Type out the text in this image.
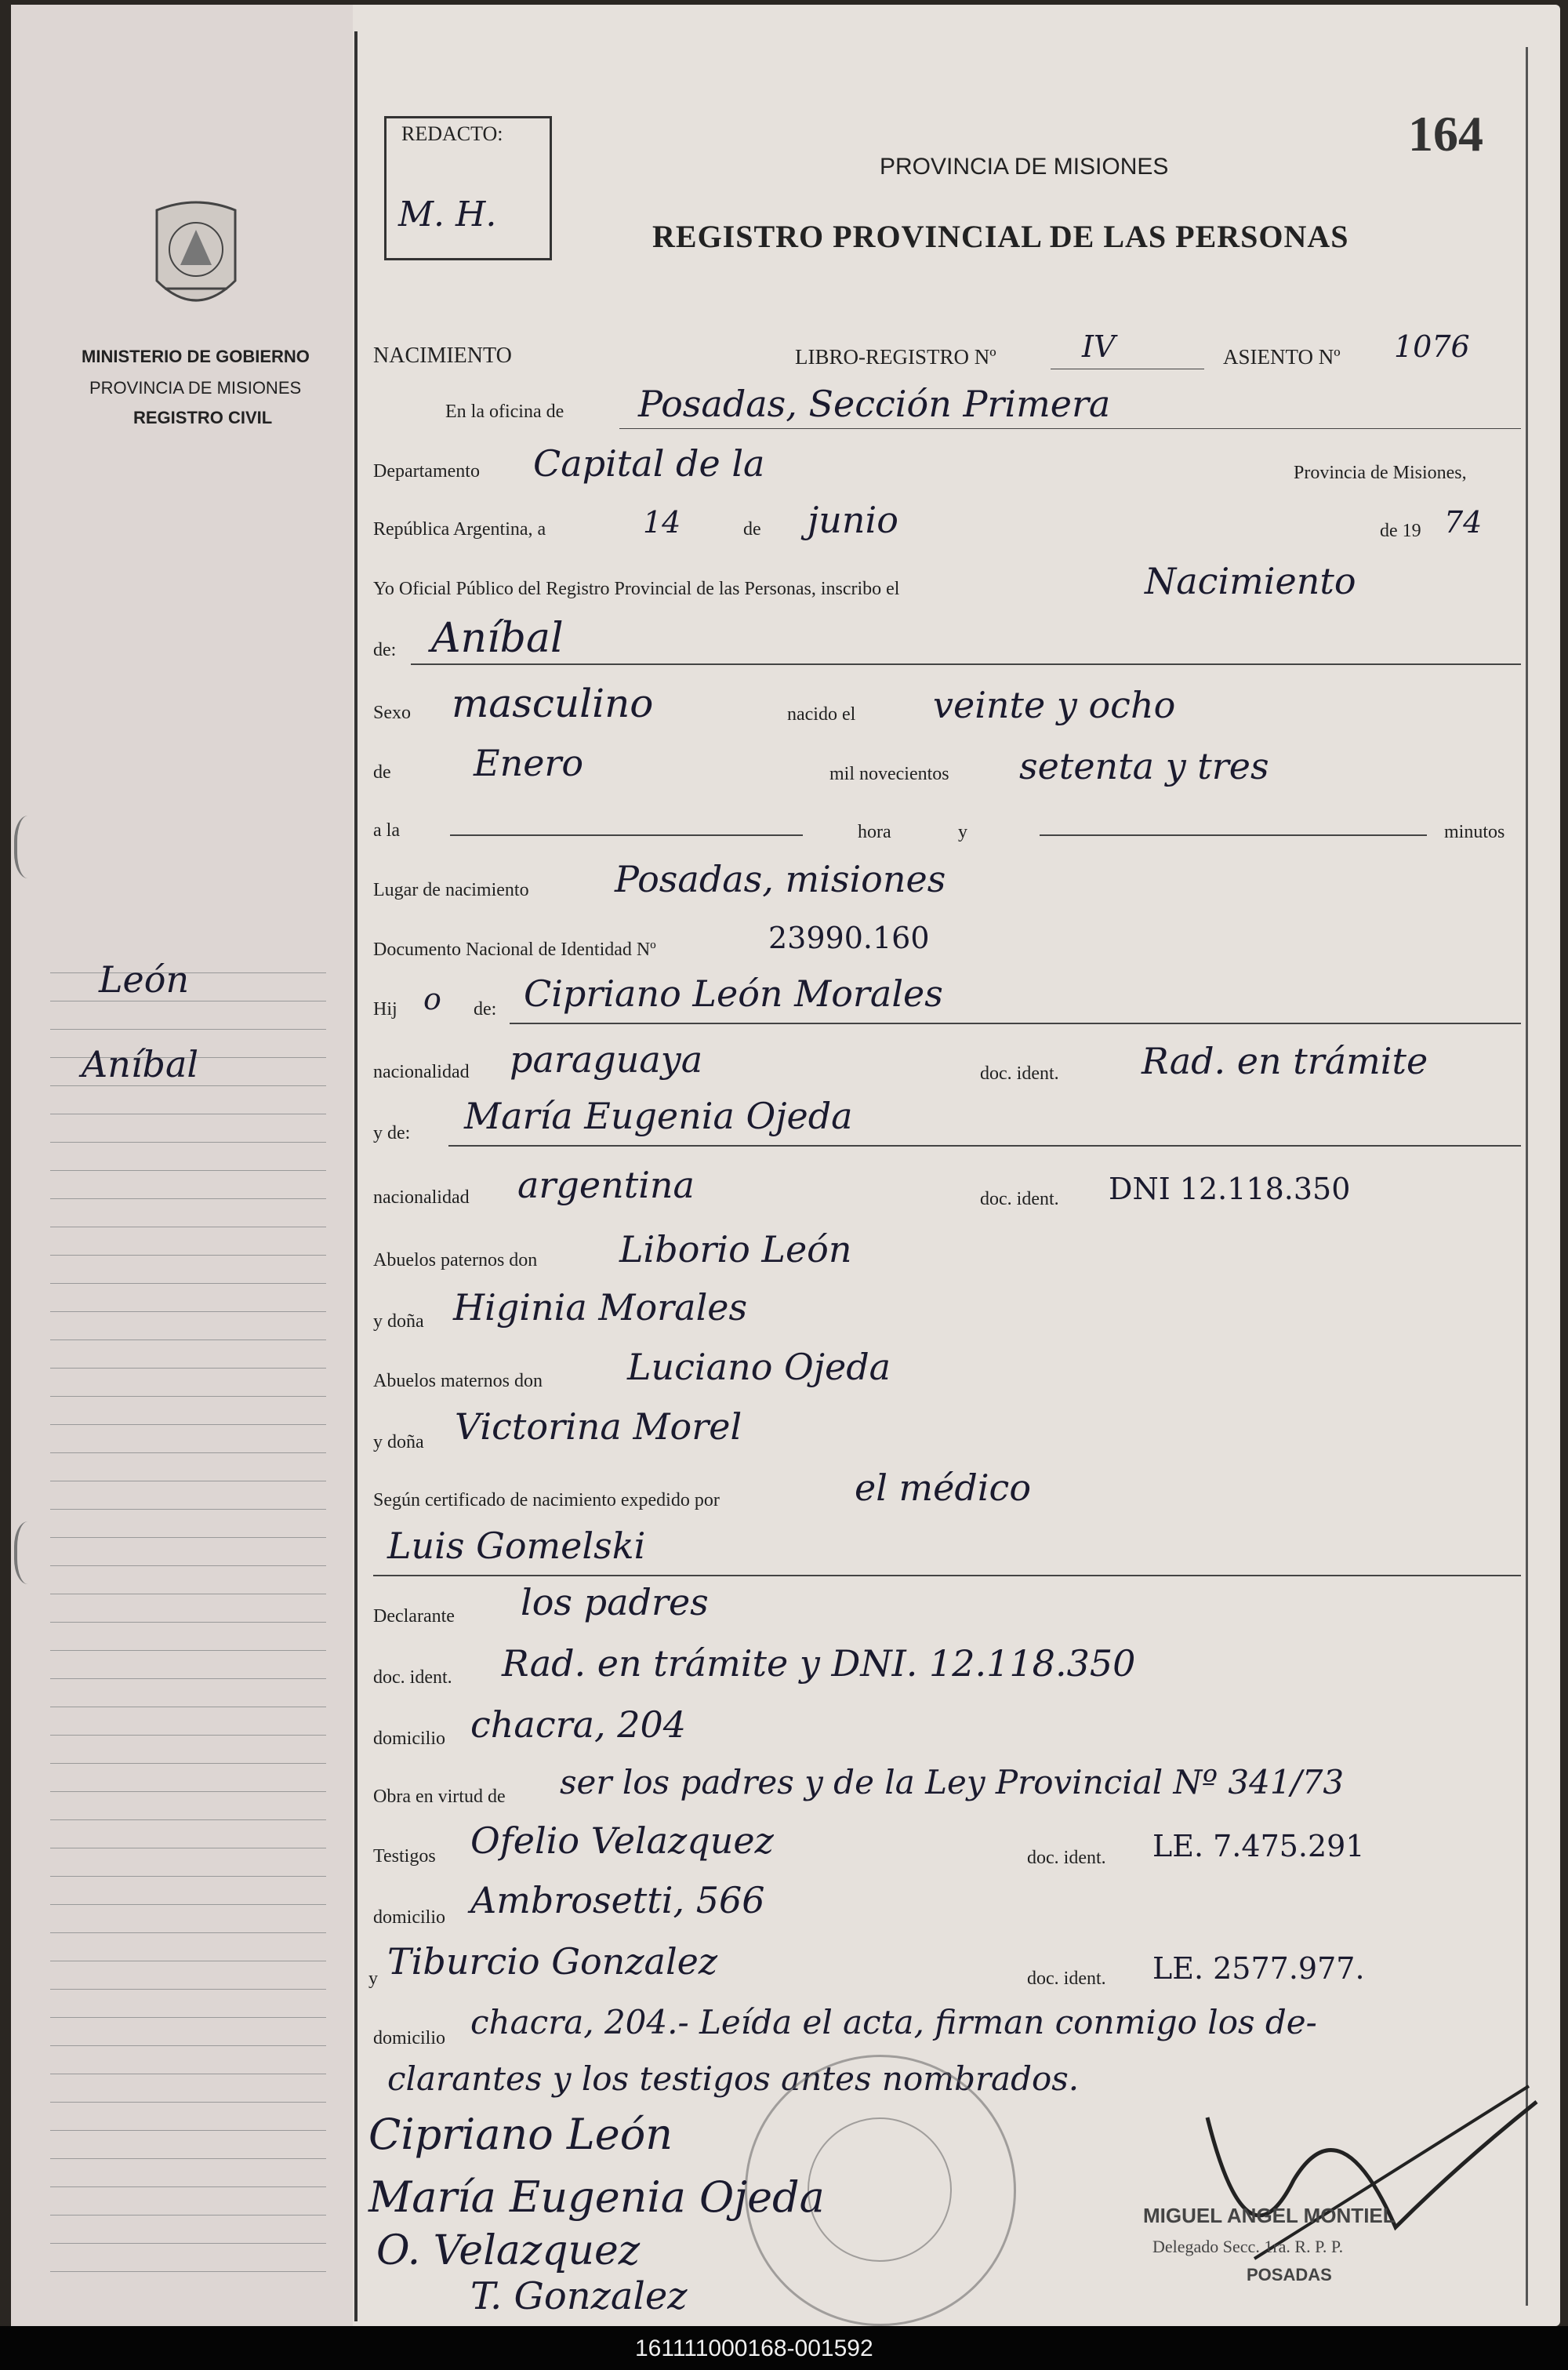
MINISTERIO DE GOBIERNO
PROVINCIA DE MISIONES
REGISTRO CIVIL
León
Aníbal
REDACTO:
M. H.
164
PROVINCIA DE MISIONES
REGISTRO PROVINCIAL DE LAS PERSONAS
NACIMIENTO	LIBRO-REGISTRO Nº	IV	ASIENTO Nº 1076
En la oficina de Posadas, Sección Primera
Departamento Capital de la	Provincia de Misiones,
República Argentina, a	14	de junio	de 19 74
Yo Oficial Público del Registro Provincial de las Personas, inscribo el	Nacimiento
de: Aníbal
Sexo masculino	nacido el veinte y ocho
de Enero	mil novecientos setenta y tres
a la	hora	y	minutos
Lugar de nacimiento Posadas, misiones
Documento Nacional de Identidad Nº	23990.160
Hij o de: Cipriano León Morales
nacionalidad paraguaya	doc. ident. Rad. en trámite
y de: María Eugenia Ojeda
nacionalidad argentina	doc. ident. DNI 12.118.350
Abuelos paternos don Liborio León
y doña Higinia Morales
Abuelos maternos don Luciano Ojeda
y doña Victorina Morel
Según certificado de nacimiento expedido por	el médico
Luis Gomelski
Declarante los padres
doc. ident. Rad. en trámite y DNI. 12.118.350
domicilio chacra, 204
Obra en virtud de ser los padres y de la Ley Provincial Nº 341/73
Testigos Ofelio Velazquez	doc. ident. LE. 7.475.291
domicilio Ambrosetti, 566
y Tiburcio Gonzalez	doc. ident. LE. 2577.977.
domicilio chacra, 204.- Leída el acta, firman conmigo los de-
clarantes y los testigos antes nombrados.
Cipriano León
María Eugenia Ojeda
O. Velazquez
T. Gonzalez
MIGUEL ANGEL MONTIEL
Delegado Secc. 1ra. R. P. P.
POSADAS
161111000168-001592
